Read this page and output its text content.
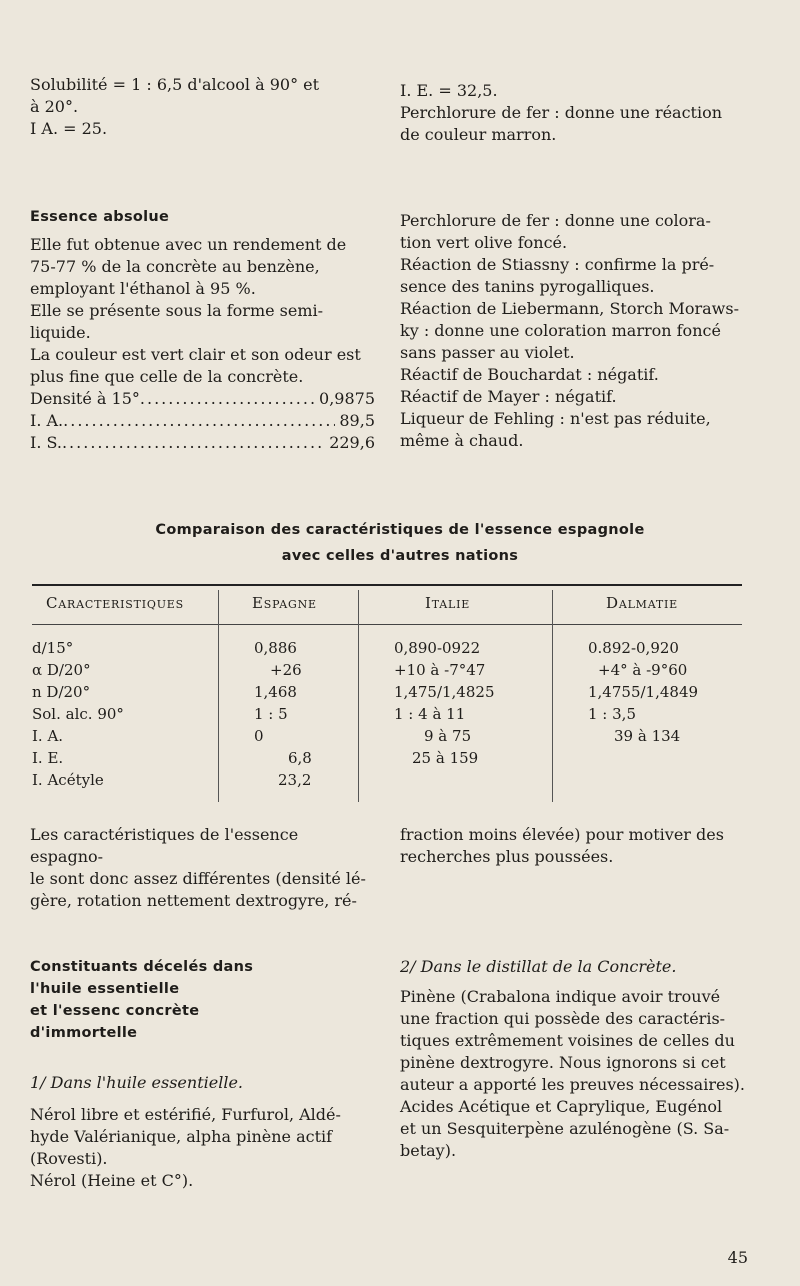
Solubilité = 1 : 6,5 d'alcool à 90° et

à 20°.

I A. = 25.

I. E. = 32,5.

Perchlorure de fer : donne une réaction

de couleur marron.

Essence absolue

Elle fut obtenue avec un rendement de

75-77 % de la concrète au benzène,

employant l'éthanol à 95 %.

Elle se présente sous la forme semi-

liquide.

La couleur est vert clair et son odeur est

plus fine que celle de la concrète.

Densité à 15° .....	0,9875
I. A. .....	89,5
I. S. .....	229,6

Perchlorure de fer : donne une colora-

tion vert olive foncé.

Réaction de Stiassny : confirme la pré-

sence des tanins pyrogalliques.

Réaction de Liebermann, Storch Moraws-

ky : donne une coloration marron foncé

sans passer au violet.

Réactif de Bouchardat : négatif.

Réactif de Mayer : négatif.

Liqueur de Fehling : n'est pas réduite,

même à chaud.

Comparaison des caractéristiques de l'essence espagnole
avec celles d'autres nations
Caracteristiques	Espagne	Italie	Dalmatie
d/15°	0,886	0,890-0922	0.892-0,920
α D/20°	+26	+10 à -7°47	+4° à -9°60
n D/20°	1,468	1,475/1,4825	1,4755/1,4849
Sol. alc. 90°	1 : 5	1 : 4 à 11	1 : 3,5
I. A.	0	9 à 75	39 à 134
I. E.	6,8	25 à 159
I. Acétyle	23,2

Les caractéristiques de l'essence espagno-

le sont donc assez différentes (densité lé-

gère, rotation nettement dextrogyre, ré-

fraction moins élevée) pour motiver des

recherches plus poussées.

Constituants décelés dans

l'huile essentielle

et l'essenc concrète

d'immortelle

1/ Dans l'huile essentielle.

Nérol libre et estérifié, Furfurol, Aldé-

hyde Valérianique, alpha pinène actif

(Rovesti).

Nérol (Heine et C°).

2/ Dans le distillat de la Concrète.

Pinène (Crabalona indique avoir trouvé

une fraction qui possède des caractéris-

tiques extrêmement voisines de celles du

pinène dextrogyre. Nous ignorons si cet

auteur a apporté les preuves nécessaires).

Acides Acétique et Caprylique, Eugénol

et un Sesquiterpène azulénogène (S. Sa-

betay).

45
